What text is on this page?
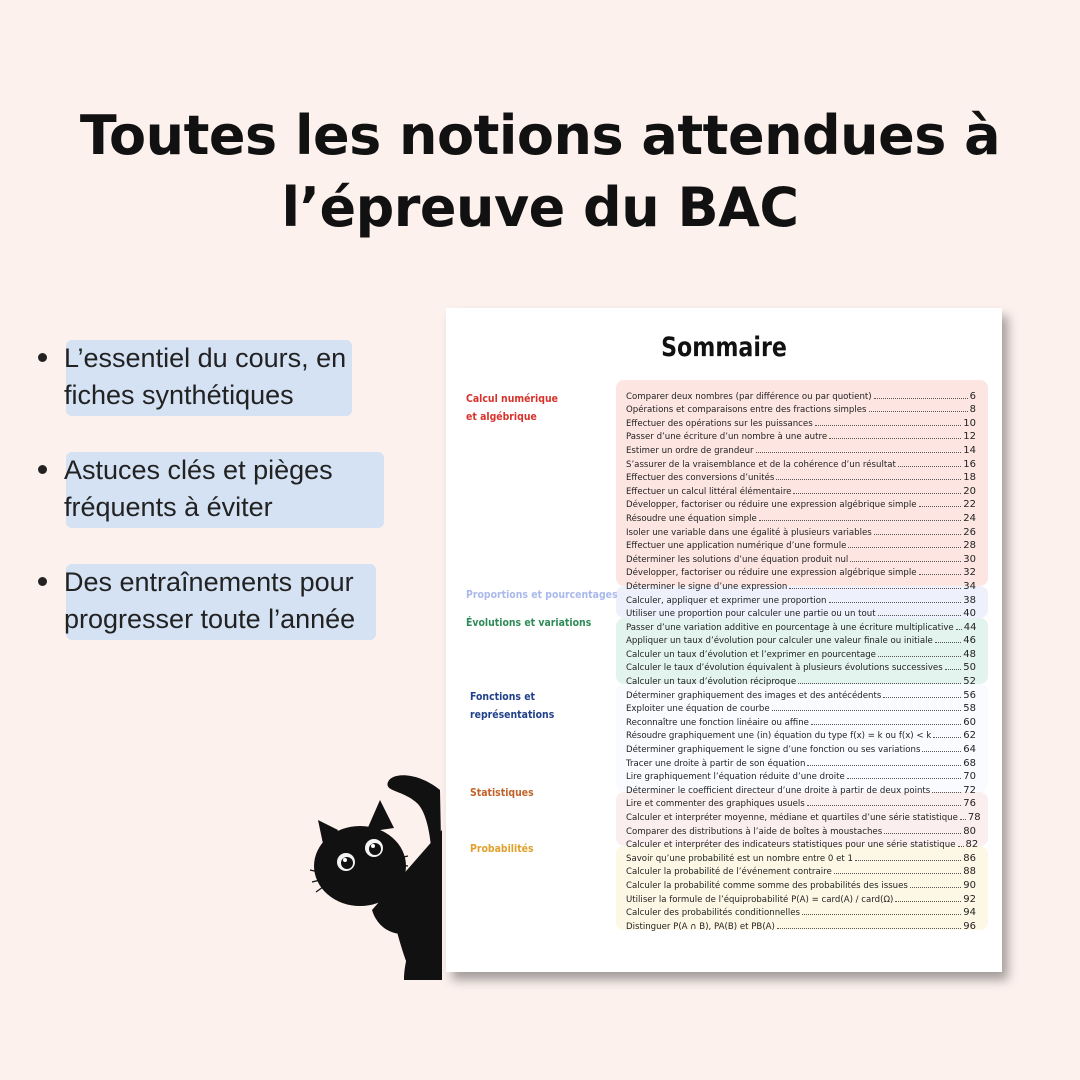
Toutes les notions attendues à
l’épreuve du BAC
L’essentiel du cours, en
fiches synthétiques
Astuces clés et pièges
fréquents à éviter
Des entraînements pour
progresser toute l’année
Sommaire
Calcul numérique et algébrique
Proportions et pourcentages
Évolutions et variations
Fonctions et représentations
Statistiques
Probabilités
Comparer deux nombres (par différence ou par quotient)	6
Opérations et comparaisons entre des fractions simples	8
Effectuer des opérations sur les puissances	10
Passer d’une écriture d’un nombre à une autre	12
Estimer un ordre de grandeur	14
S’assurer de la vraisemblance et de la cohérence d’un résultat	16
Effectuer des conversions d’unités	18
Effectuer un calcul littéral élémentaire	20
Développer, factoriser ou réduire une expression algébrique simple	22
Résoudre une équation simple	24
Isoler une variable dans une égalité à plusieurs variables	26
Effectuer une application numérique d’une formule	28
Déterminer les solutions d’une équation produit nul	30
Développer, factoriser ou réduire une expression algébrique simple	32
Déterminer le signe d’une expression	34
Calculer, appliquer et exprimer une proportion	38
Utiliser une proportion pour calculer une partie ou un tout	40
Passer d’une variation additive en pourcentage à une écriture multiplicative 44
Appliquer un taux d’évolution pour calculer une valeur finale ou initiale	46
Calculer un taux d’évolution et l’exprimer en pourcentage	48
Calculer le taux d’évolution équivalent à plusieurs évolutions successives 50
Calculer un taux d’évolution réciproque	52
Déterminer graphiquement des images et des antécédents	56
Exploiter une équation de courbe	58
Reconnaître une fonction linéaire ou affine	60
Résoudre graphiquement une (in) équation du type f(x) = k ou f(x) < k	62
Déterminer graphiquement le signe d’une fonction ou ses variations	64
Tracer une droite à partir de son équation	68
Lire graphiquement l’équation réduite d’une droite	70
Déterminer le coefficient directeur d’une droite à partir de deux points	72
Lire et commenter des graphiques usuels	76
Calculer et interpréter moyenne, médiane et quartiles d’une série statistique 78
Comparer des distributions à l’aide de boîtes à moustaches	80
Calculer et interpréter des indicateurs statistiques pour une série statistique 82
Savoir qu’une probabilité est un nombre entre 0 et 1	86
Calculer la probabilité de l’événement contraire	88
Calculer la probabilité comme somme des probabilités des issues	90
Utiliser la formule de l’équiprobabilité P(A) = card(A) / card(Ω)	92
Calculer des probabilités conditionnelles	94
Distinguer P(A ∩ B), PA(B) et PB(A)	96
